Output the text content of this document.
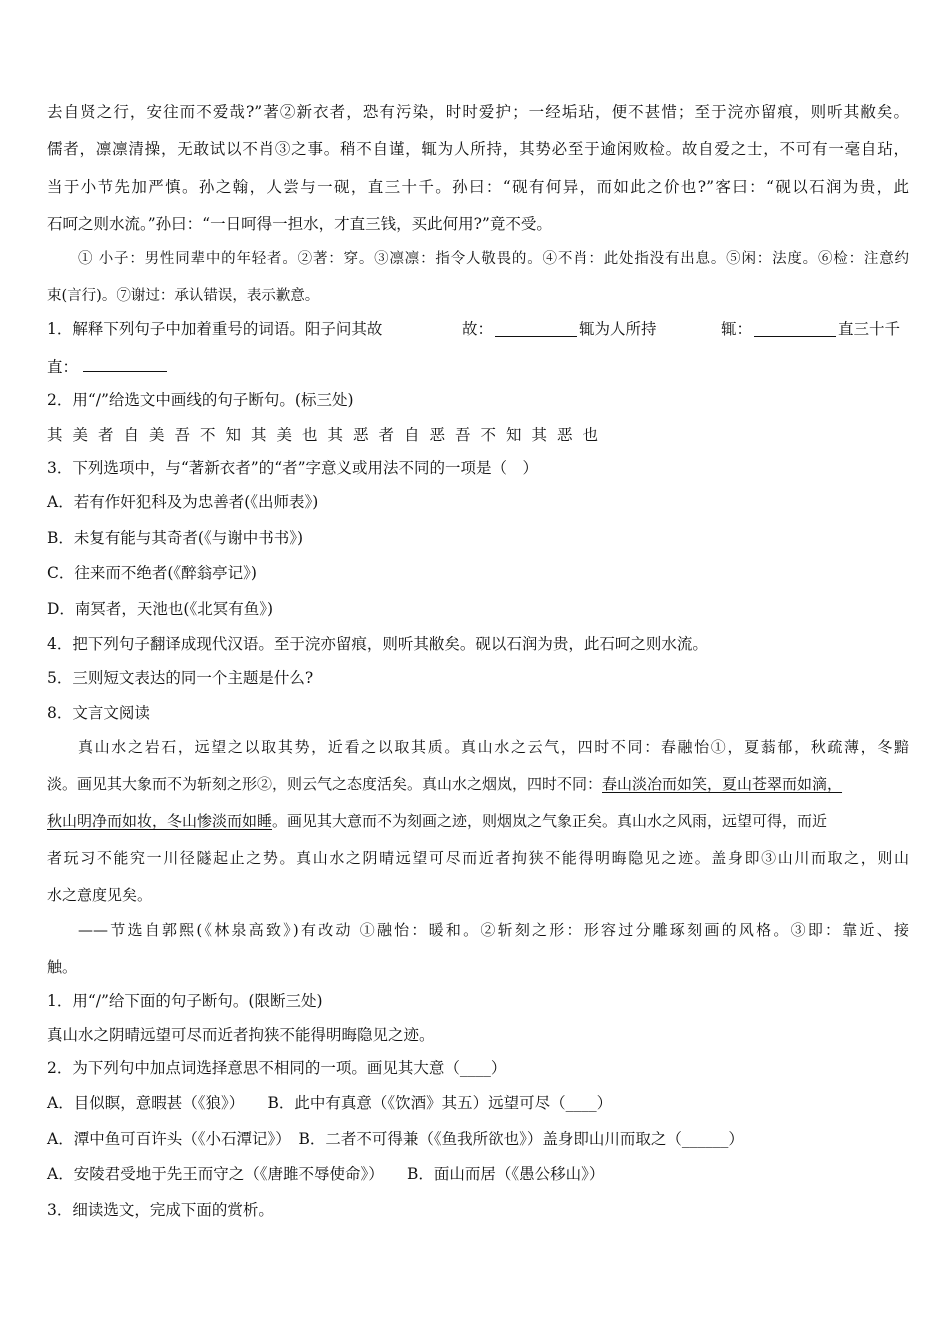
去自贤之行，安往而不爱哉?”著②新衣者，恐有污染，时时爱护；一经垢玷，便不甚惜；至于浣亦留痕，则听其敝矣。
儒者，凛凛清操，无敢试以不肖③之事。稍不自谨，辄为人所持，其势必至于逾闲败检。故自爱之士，不可有一毫自玷，
当于小节先加严慎。孙之翰，人尝与一砚，直三十千。孙曰：“砚有何异，而如此之价也?”客曰：“砚以石润为贵，此
石呵之则水流。”孙曰：“一日呵得一担水，才直三钱，买此何用?”竟不受。
① 小子：男性同辈中的年轻者。②著：穿。③凛凛：指令人敬畏的。④不肖：此处指没有出息。⑤闲：法度。⑥检：注意约
束(言行)。⑦谢过：承认错误，表示歉意。
1．解释下列句子中加着重号的词语。阳子问其故	故：	辄为人所持	辄：	直三十千
直：
2．用“/”给选文中画线的句子断句。(标三处)
其美者自美吾不知其美也其恶者自恶吾不知其恶也
3．下列选项中，与“著新衣者”的“者”字意义或用法不同的一项是（　）
A．若有作奸犯科及为忠善者(《出师表》)
B．未复有能与其奇者(《与谢中书书》)
C．往来而不绝者(《醉翁亭记》)
D．南冥者，天池也(《北冥有鱼》)
4．把下列句子翻译成现代汉语。至于浣亦留痕，则听其敝矣。砚以石润为贵，此石呵之则水流。
5．三则短文表达的同一个主题是什么?
8．文言文阅读
真山水之岩石，远望之以取其势，近看之以取其质。真山水之云气，四时不同：春融怡①，夏蓊郁，秋疏薄，冬黯
淡。画见其大象而不为斩刻之形②，则云气之态度活矣。真山水之烟岚，四时不同：春山淡冶而如笑，夏山苍翠而如滴，
秋山明净而如妆，冬山惨淡而如睡。画见其大意而不为刻画之迹，则烟岚之气象正矣。真山水之风雨，远望可得，而近
者玩习不能究一川径隧起止之势。真山水之阴晴远望可尽而近者拘狭不能得明晦隐见之迹。盖身即③山川而取之，则山
水之意度见矣。
——节选自郭熙(《林泉高致》)有改动 ①融怡：暖和。②斩刻之形：形容过分雕琢刻画的风格。③即：靠近、接
触。
1．用“/”给下面的句子断句。(限断三处)
真山水之阴晴远望可尽而近者拘狭不能得明晦隐见之迹。
2．为下列句中加点词选择意思不相同的一项。画见其大意（____）
A．目似瞑，意暇甚（《狼》）　　B．此中有真意（《饮酒》其五）远望可尽（____）
A．潭中鱼可百许头（《小石潭记》）　B．二者不可得兼（《鱼我所欲也》）盖身即山川而取之（______）
A．安陵君受地于先王而守之（《唐雎不辱使命》）　　B．面山而居（《愚公移山》）
3．细读选文，完成下面的赏析。
